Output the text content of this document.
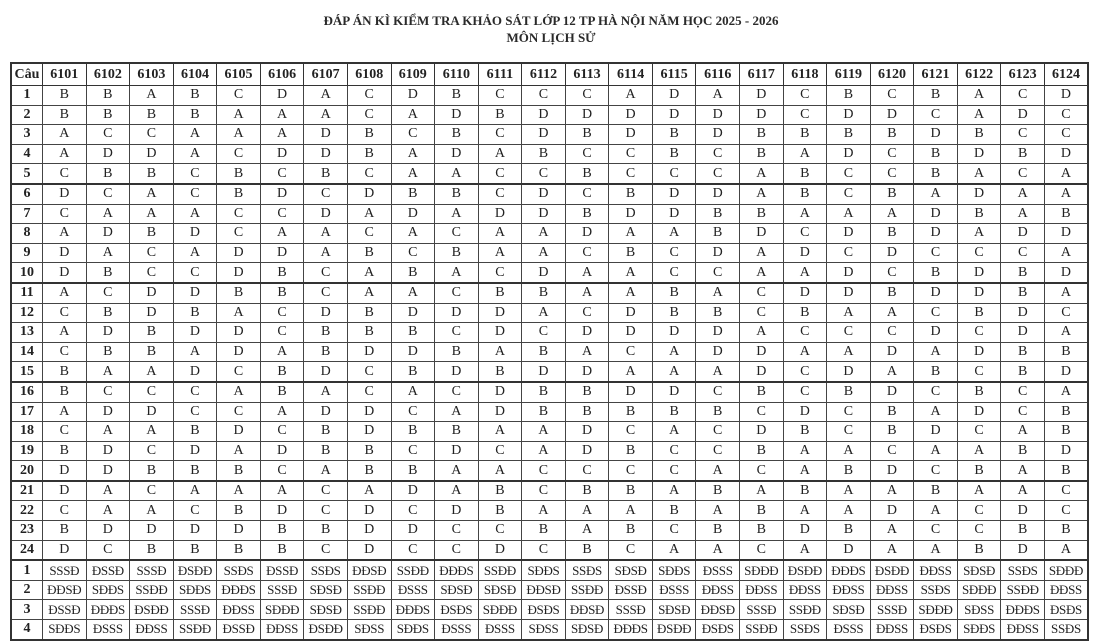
ĐÁP ÁN KÌ KIỂM TRA KHẢO SÁT LỚP 12 TP HÀ NỘI NĂM HỌC 2025 - 2026
MÔN LỊCH SỬ
Câu	6101	6102	6103	6104	6105	6106	6107	6108	6109	6110	6111	6112	6113	6114	6115	6116	6117	6118	6119	6120	6121	6122	6123	6124
1	B	B	A	B	C	D	A	C	D	B	C	C	C	A	D	A	D	C	B	C	B	A	C	D
2	B	B	B	B	A	A	A	C	A	D	B	D	D	D	D	D	D	C	D	D	C	A	D	C
3	A	C	C	A	A	A	D	B	C	B	C	D	B	D	B	D	B	B	B	B	D	B	C	C
4	A	D	D	A	C	D	D	B	A	D	A	B	C	C	B	C	B	A	D	C	B	D	B	D
5	C	B	B	C	B	C	B	C	A	A	C	C	B	C	C	C	A	B	C	C	B	A	C	A
6	D	C	A	C	B	D	C	D	B	B	C	D	C	B	D	D	A	B	C	B	A	D	A	A
7	C	A	A	A	C	C	D	A	D	A	D	D	B	D	D	B	B	A	A	A	D	B	A	B
8	A	D	B	D	C	A	A	C	A	C	A	A	D	A	A	B	D	C	D	B	D	A	D	D
9	D	A	C	A	D	D	A	B	C	B	A	A	C	B	C	D	A	D	C	D	C	C	C	A
10	D	B	C	C	D	B	C	A	B	A	C	D	A	A	C	C	A	A	D	C	B	D	B	D
11	A	C	D	D	B	B	C	A	A	C	B	B	A	A	B	A	C	D	D	B	D	D	B	A
12	C	B	D	B	A	C	D	B	D	D	D	A	C	D	B	B	C	B	A	A	C	B	D	C
13	A	D	B	D	D	C	B	B	B	C	D	C	D	D	D	D	A	C	C	C	D	C	D	A
14	C	B	B	A	D	A	B	D	D	B	A	B	A	C	A	D	D	A	A	D	A	D	B	B
15	B	A	A	D	C	B	D	C	B	D	B	D	D	A	A	A	D	C	D	A	B	C	B	D
16	B	C	C	C	A	B	A	C	A	C	D	B	B	D	D	C	B	C	B	D	C	B	C	A
17	A	D	D	C	C	A	D	D	C	A	D	B	B	B	B	B	C	D	C	B	A	D	C	B
18	C	A	A	B	D	C	B	D	B	B	A	A	D	C	A	C	D	B	C	B	D	C	A	B
19	B	D	C	D	A	D	B	B	C	D	C	A	D	B	C	C	B	A	A	C	A	A	B	D
20	D	D	B	B	B	C	A	B	B	A	A	C	C	C	C	A	C	A	B	D	C	B	A	B
21	D	A	C	A	A	A	C	A	D	A	B	C	B	B	A	B	A	B	A	A	B	A	A	C
22	C	A	A	C	B	D	C	D	C	D	B	A	A	A	B	A	B	A	A	D	A	C	D	C
23	B	D	D	D	D	B	B	D	D	C	C	B	A	B	C	B	B	D	B	A	C	C	B	B
24	D	C	B	B	B	B	C	D	C	C	D	C	B	C	A	A	C	A	D	A	A	B	D	A
1	SSSĐ	ĐSSĐ	SSSĐ	ĐSĐĐ	SSĐS	ĐSSĐ	SSĐS	ĐĐSĐ	SSĐĐ	ĐĐĐS	SSĐĐ	SĐĐS	SSĐS	SĐSĐ	SĐĐS	ĐSSS	SĐĐĐ	ĐSĐĐ	ĐĐĐS	ĐSĐĐ	ĐĐSS	SĐSĐ	SSĐS	SĐĐĐ
2	ĐĐSĐ	SĐĐS	SSĐĐ	SĐĐS	ĐĐĐS	SSSĐ	SĐSĐ	SSĐĐ	ĐSSS	SĐSĐ	SĐSĐ	ĐĐSĐ	SSĐĐ	ĐSSĐ	ĐSSS	ĐĐSS	ĐĐSS	ĐĐSS	ĐĐSS	ĐĐSS	SSĐS	SĐĐĐ	SSĐĐ	ĐĐSS
3	ĐSSĐ	ĐĐĐS	ĐSĐĐ	SSSĐ	ĐĐSS	SĐĐĐ	SĐSĐ	SSĐĐ	ĐĐĐS	ĐSĐS	SĐĐĐ	ĐSĐS	ĐĐSĐ	SSSĐ	SĐSĐ	ĐĐSĐ	SSSĐ	SSĐĐ	SĐSĐ	SSSĐ	SĐĐĐ	SĐSS	ĐĐĐS	ĐSĐS
4	SĐĐS	ĐSSS	ĐĐSS	SSĐĐ	ĐSSĐ	ĐĐSS	ĐSĐĐ	SĐSS	SĐĐS	ĐSSS	ĐSSS	SĐSS	SĐSĐ	ĐĐĐS	ĐSĐĐ	ĐSĐS	SSĐĐ	SSĐS	ĐSSS	ĐĐSS	ĐSĐS	SĐĐS	ĐĐSS	SSĐS
